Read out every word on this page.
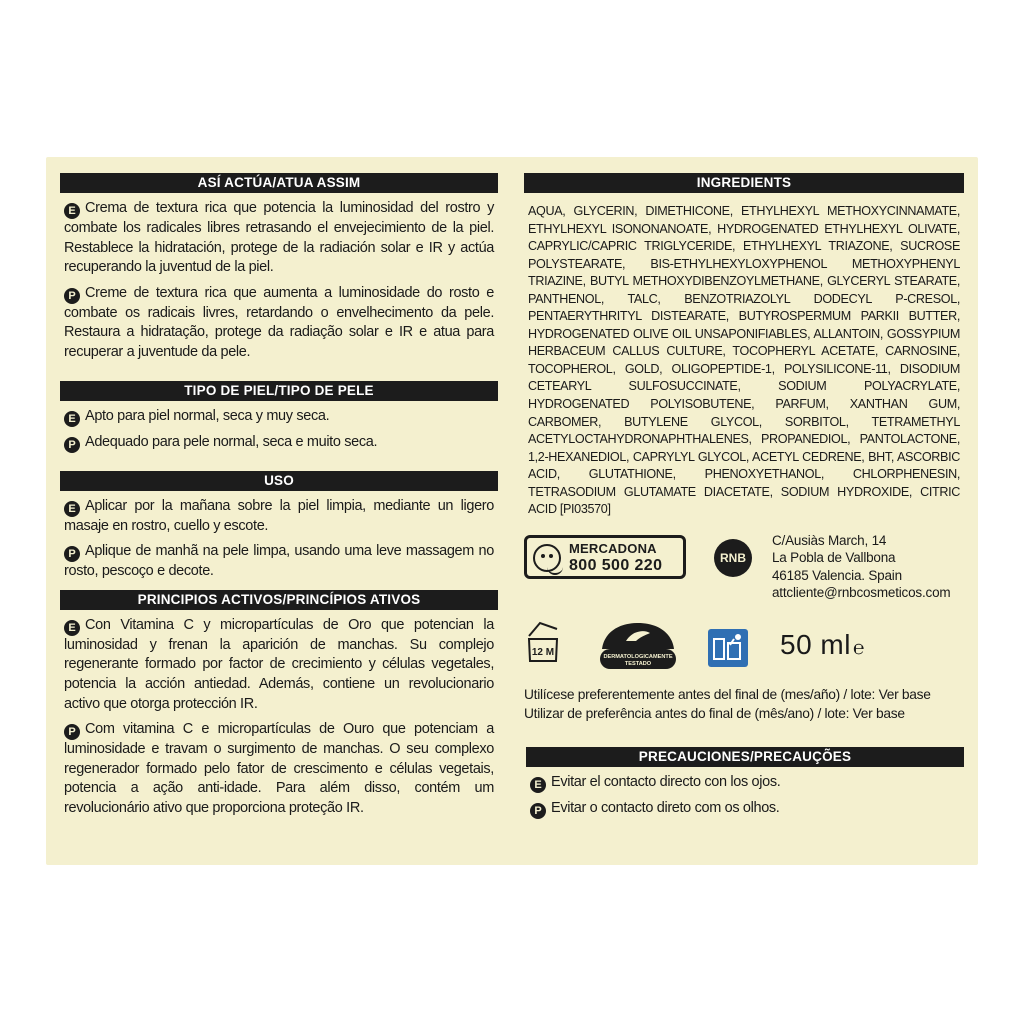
ASÍ ACTÚA/ATUA ASSIM

E Crema de textura rica que potencia la luminosidad del rostro y combate los radicales libres retrasando el envejecimiento de la piel. Restablece la hidratación, protege de la radiación solar e IR y actúa recuperando la juventud de la piel.

P Creme de textura rica que aumenta a luminosidade do rosto e combate os radicais livres, retardando o envelhecimento da pele. Restaura a hidratação, protege da radiação solar e IR e atua para recuperar a juventude da pele.

TIPO DE PIEL/TIPO DE PELE

E Apto para piel normal, seca y muy seca.

P Adequado para pele normal, seca e muito seca.

USO

E Aplicar por la mañana sobre la piel limpia, mediante un ligero masaje en rostro, cuello y escote.

P Aplique de manhã na pele limpa, usando uma leve massagem no rosto, pescoço e decote.

PRINCIPIOS ACTIVOS/PRINCÍPIOS ATIVOS

E Con Vitamina C y micropartículas de Oro que potencian la luminosidad y frenan la aparición de manchas. Su complejo regenerante formado por factor de crecimiento y células vegetales, potencia la acción antiedad. Además, contiene un revolucionario activo que otorga protección IR.

P Com vitamina C e micropartículas de Ouro que potenciam a luminosidade e travam o surgimento de manchas. O seu complexo regenerador formado pelo fator de crescimento e células vegetais, potencia a ação anti-idade. Para além disso, contém um revolucionário ativo que proporciona proteção IR.

INGREDIENTS

AQUA, GLYCERIN, DIMETHICONE, ETHYLHEXYL METHOXYCINNAMATE, ETHYLHEXYL ISONONANOATE, HYDROGENATED ETHYLHEXYL OLIVATE, CAPRYLIC/CAPRIC TRIGLYCERIDE, ETHYLHEXYL TRIAZONE, SUCROSE POLYSTEARATE, BIS-ETHYLHEXYLOXYPHENOL METHOXYPHENYL TRIAZINE, BUTYL METHOXYDIBENZOYLMETHANE, GLYCERYL STEARATE, PANTHENOL, TALC, BENZOTRIAZOLYL DODECYL P-CRESOL, PENTAERYTHRITYL DISTEARATE, BUTYROSPERMUM PARKII BUTTER, HYDROGENATED OLIVE OIL UNSAPONIFIABLES, ALLANTOIN, GOSSYPIUM HERBACEUM CALLUS CULTURE, TOCOPHERYL ACETATE, CARNOSINE, TOCOPHEROL, GOLD, OLIGOPEPTIDE-1, POLYSILICONE-11, DISODIUM CETEARYL SULFOSUCCINATE, SODIUM POLYACRYLATE, HYDROGENATED POLYISOBUTENE, PARFUM, XANTHAN GUM, CARBOMER, BUTYLENE GLYCOL, SORBITOL, TETRAMETHYL ACETYLOCTAHYDRONAPHTHALENES, PROPANEDIOL, PANTOLACTONE, 1,2-HEXANEDIOL, CAPRYLYL GLYCOL, ACETYL CEDRENE, BHT, ASCORBIC ACID, GLUTATHIONE, PHENOXYETHANOL, CHLORPHENESIN, TETRASODIUM GLUTAMATE DIACETATE, SODIUM HYDROXIDE, CITRIC ACID [PI03570]

MERCADONA
800 500 220	RNB
C/Ausiàs March, 14
La Pobla de Vallbona
46185 Valencia. Spain
attcliente@rnbcosmeticos.com
12 M	DERMATOLOGICAMENTE
TESTADO
50 ml ℮
Utilícese preferentemente antes del final de (mes/año) / lote: Ver base
Utilizar de preferência antes do final de (mês/ano) / lote: Ver base
PRECAUCIONES/PRECAUÇÕES

E Evitar el contacto directo con los ojos.

P Evitar o contacto direto com os olhos.
